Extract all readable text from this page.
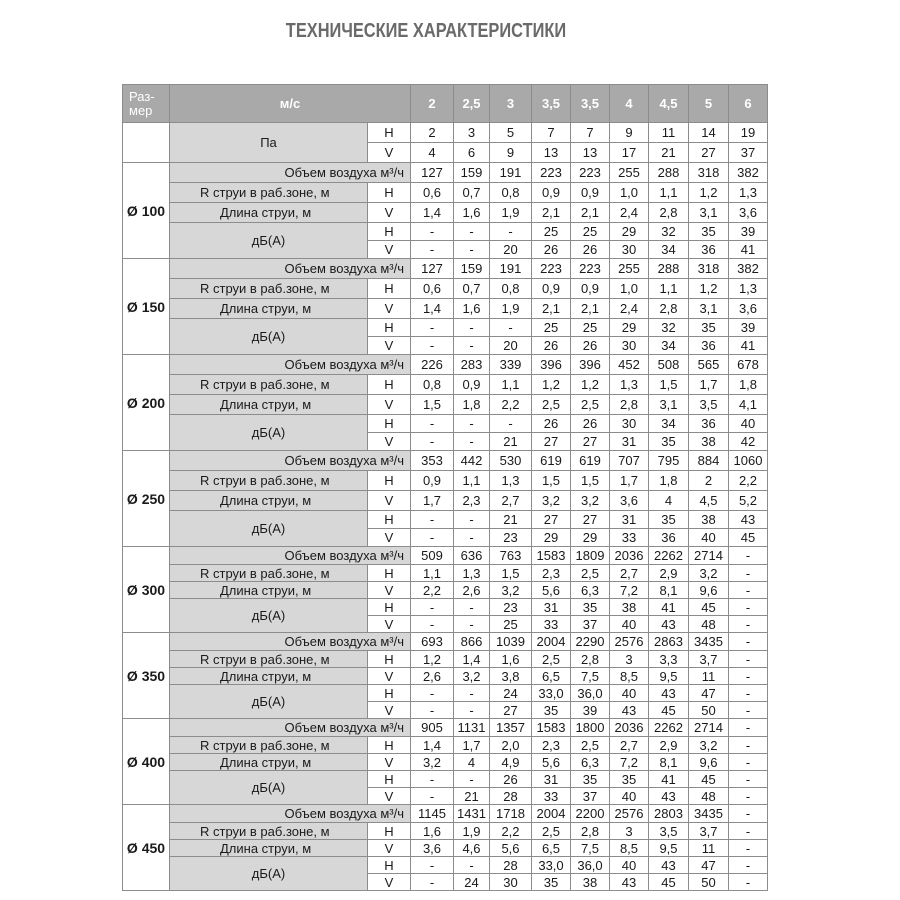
ТЕХНИЧЕСКИЕ ХАРАКТЕРИСТИКИ
Раз-мер	м/с		2	2,5	3	3,5	3,5	4	4,5	5	6
	Па	H	2	3	5	7	7	9	11	14	19
		V	4	6	9	13	13	17	21	27	37
Ø 100	Объем воздуха м³/ч		127	159	191	223	223	255	288	318	382
	R струи в раб.зоне, м	H	0,6	0,7	0,8	0,9	0,9	1,0	1,1	1,2	1,3
	Длина струи, м	V	1,4	1,6	1,9	2,1	2,1	2,4	2,8	3,1	3,6
	дБ(А)	H	-	-	-	25	25	29	32	35	39
		V	-	-	20	26	26	30	34	36	41
Ø 150	Объем воздуха м³/ч		127	159	191	223	223	255	288	318	382
	R струи в раб.зоне, м	H	0,6	0,7	0,8	0,9	0,9	1,0	1,1	1,2	1,3
	Длина струи, м	V	1,4	1,6	1,9	2,1	2,1	2,4	2,8	3,1	3,6
	дБ(А)	H	-	-	-	25	25	29	32	35	39
		V	-	-	20	26	26	30	34	36	41
Ø 200	Объем воздуха м³/ч		226	283	339	396	396	452	508	565	678
	R струи в раб.зоне, м	H	0,8	0,9	1,1	1,2	1,2	1,3	1,5	1,7	1,8
	Длина струи, м	V	1,5	1,8	2,2	2,5	2,5	2,8	3,1	3,5	4,1
	дБ(А)	H	-	-	-	26	26	30	34	36	40
		V	-	-	21	27	27	31	35	38	42
Ø 250	Объем воздуха м³/ч		353	442	530	619	619	707	795	884	1060
	R струи в раб.зоне, м	H	0,9	1,1	1,3	1,5	1,5	1,7	1,8	2	2,2
	Длина струи, м	V	1,7	2,3	2,7	3,2	3,2	3,6	4	4,5	5,2
	дБ(А)	H	-	-	21	27	27	31	35	38	43
		V	-	-	23	29	29	33	36	40	45
Ø 300	Объем воздуха м³/ч		509	636	763	1583	1809	2036	2262	2714	-
	R струи в раб.зоне, м	H	1,1	1,3	1,5	2,3	2,5	2,7	2,9	3,2	-
	Длина струи, м	V	2,2	2,6	3,2	5,6	6,3	7,2	8,1	9,6	-
	дБ(А)	H	-	-	23	31	35	38	41	45	-
		V	-	-	25	33	37	40	43	48	-
Ø 350	Объем воздуха м³/ч		693	866	1039	2004	2290	2576	2863	3435	-
	R струи в раб.зоне, м	H	1,2	1,4	1,6	2,5	2,8	3	3,3	3,7	-
	Длина струи, м	V	2,6	3,2	3,8	6,5	7,5	8,5	9,5	11	-
	дБ(А)	H	-	-	24	33,0	36,0	40	43	47	-
		V	-	-	27	35	39	43	45	50	-
Ø 400	Объем воздуха м³/ч		905	1131	1357	1583	1800	2036	2262	2714	-
	R струи в раб.зоне, м	H	1,4	1,7	2,0	2,3	2,5	2,7	2,9	3,2	-
	Длина струи, м	V	3,2	4	4,9	5,6	6,3	7,2	8,1	9,6	-
	дБ(А)	H	-	-	26	31	35	35	41	45	-
		V	-	21	28	33	37	40	43	48	-
Ø 450	Объем воздуха м³/ч		1145	1431	1718	2004	2200	2576	2803	3435	-
	R струи в раб.зоне, м	H	1,6	1,9	2,2	2,5	2,8	3	3,5	3,7	-
	Длина струи, м	V	3,6	4,6	5,6	6,5	7,5	8,5	9,5	11	-
	дБ(А)	H	-	-	28	33,0	36,0	40	43	47	-
		V	-	24	30	35	38	43	45	50	-
